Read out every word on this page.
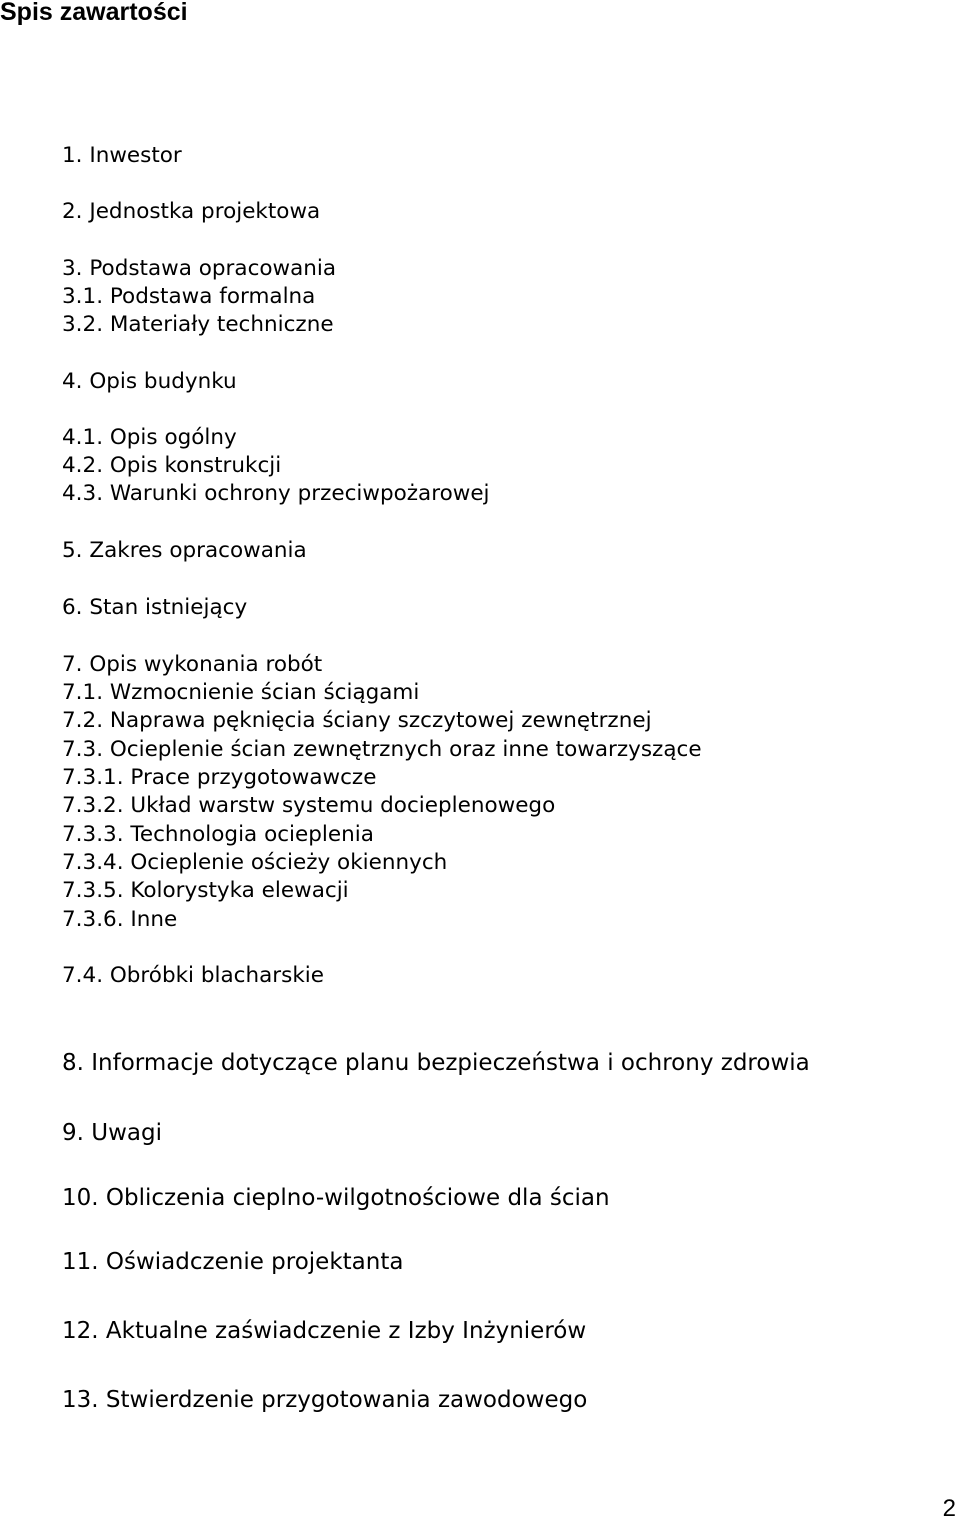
Spis zawartości

1. Inwestor

2. Jednostka projektowa

3. Podstawa opracowania

3.1. Podstawa formalna

3.2. Materiały techniczne

4. Opis budynku

4.1. Opis ogólny

4.2. Opis konstrukcji

4.3. Warunki ochrony przeciwpożarowej

5. Zakres opracowania

6. Stan istniejący

7. Opis wykonania robót

7.1. Wzmocnienie ścian ściągami

7.2. Naprawa pęknięcia ściany szczytowej zewnętrznej

7.3. Ocieplenie ścian zewnętrznych oraz inne towarzyszące

7.3.1. Prace przygotowawcze

7.3.2. Układ warstw systemu docieplenowego

7.3.3. Technologia ocieplenia

7.3.4. Ocieplenie ościeży okiennych

7.3.5. Kolorystyka elewacji

7.3.6. Inne

7.4. Obróbki blacharskie

8. Informacje dotyczące planu bezpieczeństwa i ochrony zdrowia

9. Uwagi

10. Obliczenia cieplno-wilgotnościowe dla ścian

11. Oświadczenie projektanta

12. Aktualne zaświadczenie z Izby Inżynierów

13. Stwierdzenie przygotowania zawodowego

2
